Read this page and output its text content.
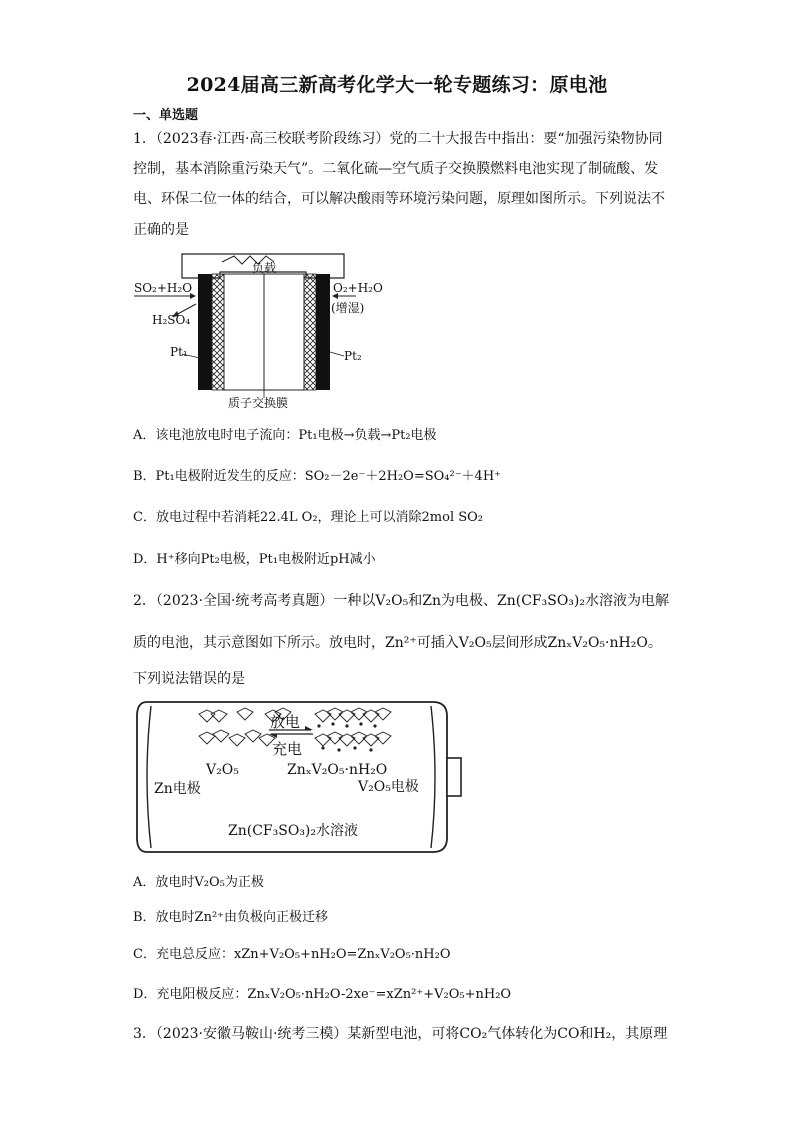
2024届高三新高考化学大一轮专题练习：原电池
一、单选题
1．（2023春·江西·高三校联考阶段练习）党的二十大报告中指出：要“加强污染物协同
控制，基本消除重污染天气”。二氧化硫—空气质子交换膜燃料电池实现了制硫酸、发
电、环保二位一体的结合，可以解决酸雨等环境污染问题，原理如图所示。下列说法不
正确的是
负载
SO₂+H₂O
H₂SO₄
O₂+H₂O
(增湿)
Pt₁	Pt₂
质子交换膜
A．该电池放电时电子流向：Pt₁电极→负载→Pt₂电极
B．Pt₁电极附近发生的反应：SO₂－2e⁻＋2H₂O=SO₄²⁻＋4H⁺
C．放电过程中若消耗22.4L O₂，理论上可以消除2mol SO₂
D．H⁺移向Pt₂电极，Pt₁电极附近pH减小
2．（2023·全国·统考高考真题）一种以V₂O₅和Zn为电极、Zn(CF₃SO₃)₂水溶液为电解
质的电池，其示意图如下所示。放电时，Zn²⁺可插入V₂O₅层间形成ZnₓV₂O₅·nH₂O。
下列说法错误的是
放电
充电
V₂O₅	ZnₓV₂O₅·nH₂O
Zn电极	V₂O₅电极
Zn(CF₃SO₃)₂水溶液
A．放电时V₂O₅为正极
B．放电时Zn²⁺由负极向正极迁移
C．充电总反应：xZn+V₂O₅+nH₂O=ZnₓV₂O₅·nH₂O
D．充电阳极反应：ZnₓV₂O₅·nH₂O-2xe⁻=xZn²⁺+V₂O₅+nH₂O
3．（2023·安徽马鞍山·统考三模）某新型电池，可将CO₂气体转化为CO和H₂，其原理
